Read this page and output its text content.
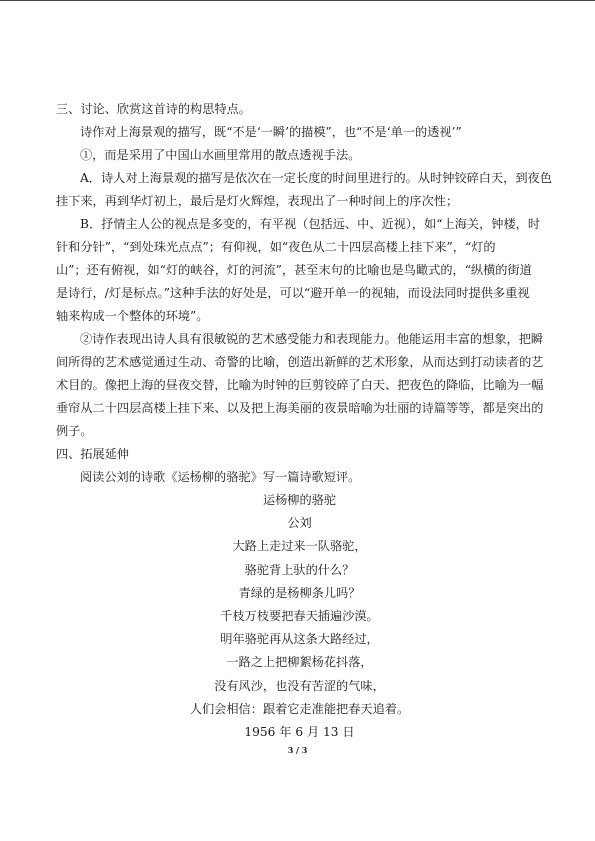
三、讨论、欣赏这首诗的构思特点。

诗作对上海景观的描写，既“不是‘一瞬’的描模”，也“不是‘单一的透视’”

①，而是采用了中国山水画里常用的散点透视手法。

A．诗人对上海景观的描写是依次在一定长度的时间里进行的。从时钟铰碎白天，到夜色

挂下来，再到华灯初上，最后是灯火辉煌，表现出了一种时间上的序次性；

B．抒情主人公的视点是多变的，有平视（包括远、中、近视），如“上海关，钟楼，时

针和分针”，“到处珠光点点”；有仰视，如“夜色从二十四层高楼上挂下来”，“灯的

山”；还有俯视，如“灯的峡谷，灯的河流”，甚至末句的比喻也是鸟瞰式的，“纵横的街道

是诗行，/灯是标点。”这种手法的好处是，可以“避开单一的视轴，而设法同时提供多重视

轴来构成一个整体的环境”。

②诗作表现出诗人具有很敏锐的艺术感受能力和表现能力。他能运用丰富的想象，把瞬

间所得的艺术感觉通过生动、奇警的比喻，创造出新鲜的艺术形象，从而达到打动读者的艺

术目的。像把上海的昼夜交替，比喻为时钟的巨剪铰碎了白天、把夜色的降临，比喻为一幅

垂帘从二十四层高楼上挂下来、以及把上海美丽的夜景暗喻为壮丽的诗篇等等，都是突出的

例子。

四、拓展延伸

阅读公刘的诗歌《运杨柳的骆驼》写一篇诗歌短评。

运杨柳的骆驼

公刘

大路上走过来一队骆驼，

骆驼背上驮的什么？

青绿的是杨柳条儿吗？

千枝万枝要把春天插遍沙漠。

明年骆驼再从这条大路经过，

一路之上把柳絮杨花抖落，

没有风沙，也没有苦涩的气味，

人们会相信：跟着它走准能把春天追着。

1956 年 6 月 13 日

3 / 3
